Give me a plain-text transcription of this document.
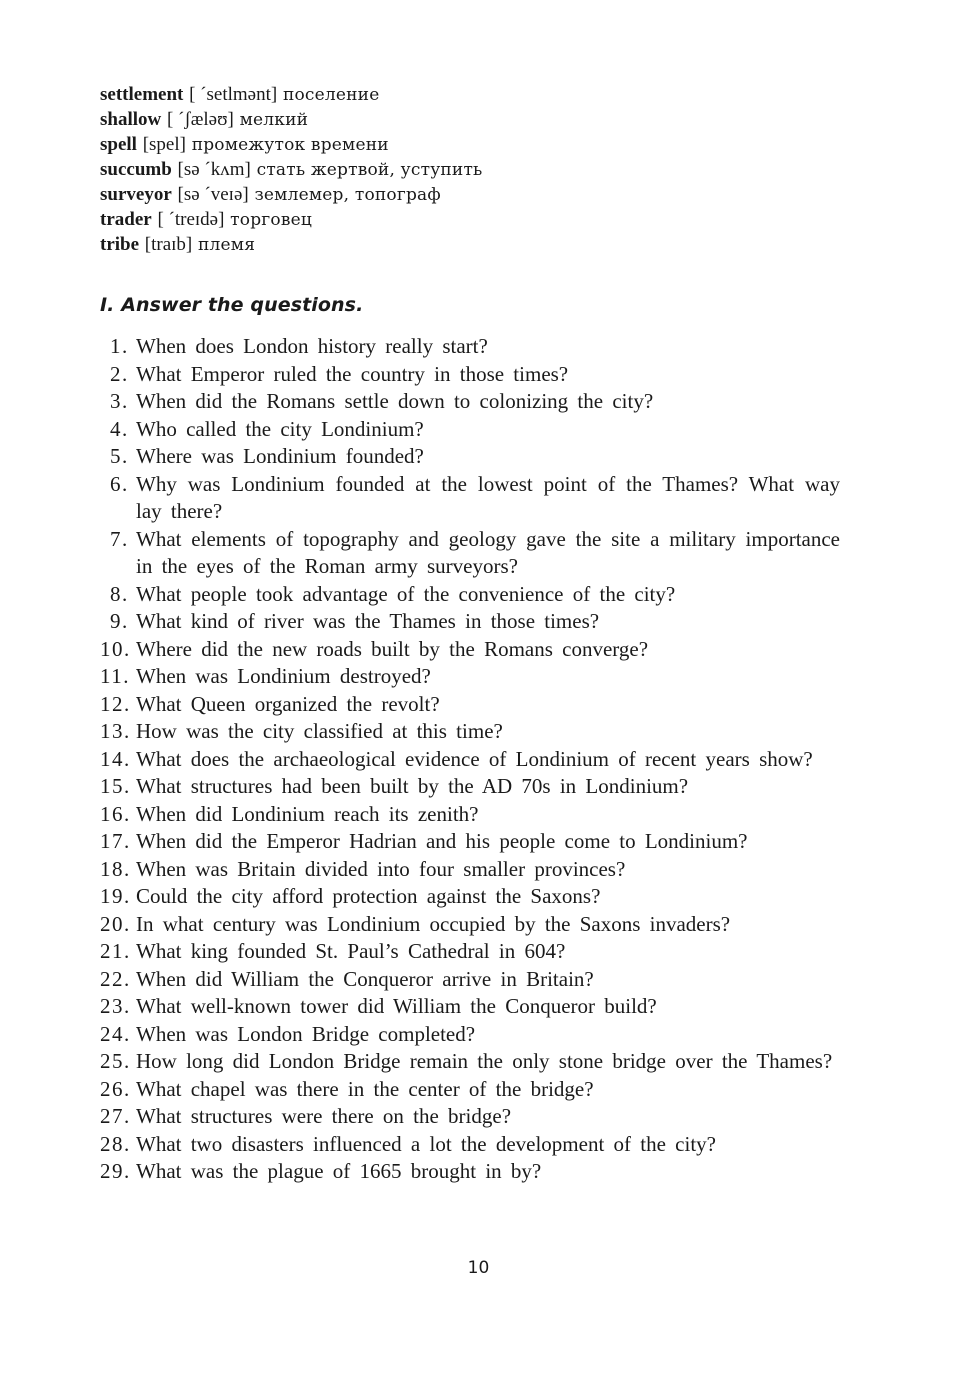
settlement [ ´setlmənt] поселение
shallow [ ´ʃæləʊ] мелкий
spell [spel] промежуток времени
succumb [sə ´kʌm] стать жертвой, уступить
surveyor [sə ´veɪə] землемер, топограф
trader [ ´treɪdə] торговец
tribe [traɪb] племя
I. Answer the questions.
1. When does London history really start?
2. What Emperor ruled the country in those times?
3. When did the Romans settle down to colonizing the city?
4. Who called the city Londinium?
5. Where was Londinium founded?
6. Why was Londinium founded at the lowest point of the Thames? What way lay there?
7. What elements of topography and geology gave the site a military importance in the eyes of the Roman army surveyors?
8. What people took advantage of the convenience of the city?
9. What kind of river was the Thames in those times?
10. Where did the new roads built by the Romans converge?
11. When was Londinium destroyed?
12. What Queen organized the revolt?
13. How was the city classified at this time?
14. What does the archaeological evidence of Londinium of recent years show?
15. What structures had been built by the AD 70s in Londinium?
16. When did Londinium reach its zenith?
17. When did the Emperor Hadrian and his people come to Londinium?
18. When was Britain divided into four smaller provinces?
19. Could the city afford protection against the Saxons?
20. In what century was Londinium occupied by the Saxons invaders?
21. What king founded St. Paul’s Cathedral in 604?
22. When did William the Conqueror arrive in Britain?
23. What well-known tower did William the Conqueror build?
24. When was London Bridge completed?
25. How long did London Bridge remain the only stone bridge over the Thames?
26. What chapel was there in the center of the bridge?
27. What structures were there on the bridge?
28. What two disasters influenced a lot the development of the city?
29. What was the plague of 1665 brought in by?
10
